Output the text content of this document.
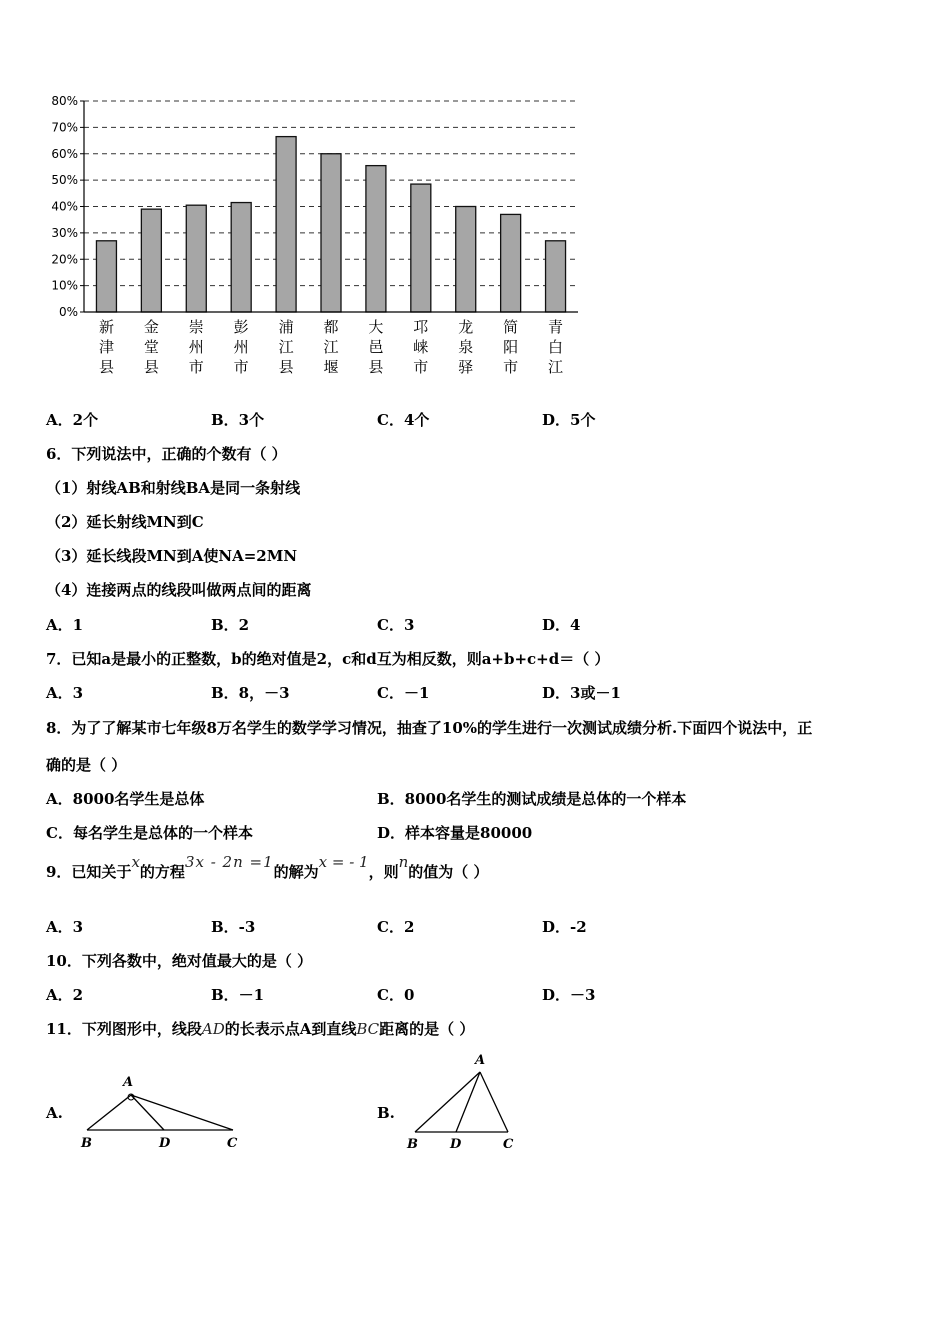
0%
10%
20%
30%
40%
50%
60%
70%
80%
新
津
县
金
堂
县
崇
州
市
彭
州
市
浦
江
县
都
江
堰
大
邑
县
邛
崃
市
龙
泉
驿
简
阳
市
青
白
江
A．2个	B．3个	C．4个	D．5个
6．下列说法中，正确的个数有（ ）
（1）射线AB和射线BA是同一条射线
（2）延长射线MN到C
（3）延长线段MN到A使NA=2MN
（4）连接两点的线段叫做两点间的距离
A．1	B．2	C．3	D．4
7．已知a是最小的正整数，b的绝对值是2，c和d互为相反数，则a+b+c+d＝（ ）
A．3	B．8，－3	C．－1	D．3或－1
8．为了了解某市七年级8万名学生的数学学习情况，抽查了10%的学生进行一次测试成绩分析.下面四个说法中，正
确的是（ ）
A．8000名学生是总体	B．8000名学生的测试成绩是总体的一个样本
C．每名学生是总体的一个样本	D．样本容量是80000
9．已知关于x的方程3x - 2n =1的解为x = - 1，则n的值为（ ）
A．3	B．-3	C．2	D．-2
10．下列各数中，绝对值最大的是（ ）
A．2	B．－1	C．0	D．－3
11．下列图形中，线段AD的长表示点A到直线BC距离的是（ ）
A.	B.
A
B	D	C
A
B D	C
